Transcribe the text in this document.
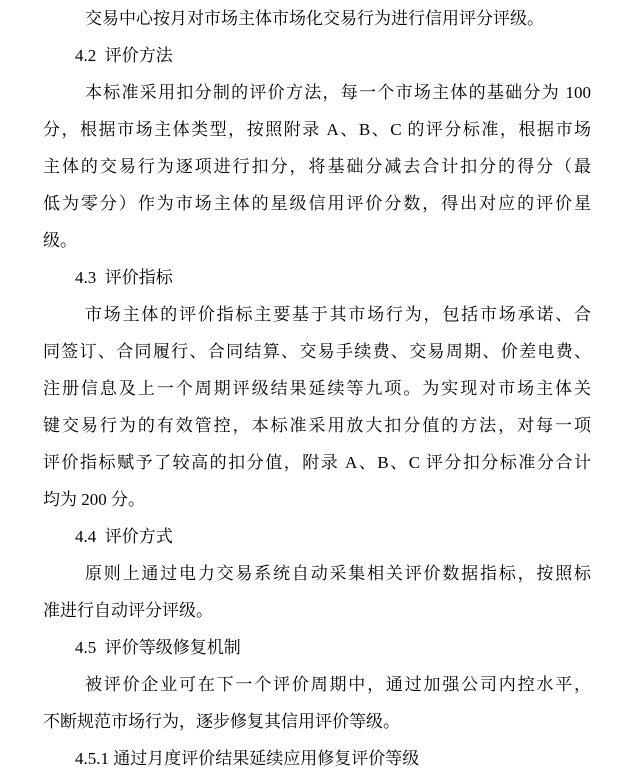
交易中心按月对市场主体市场化交易行为进行信用评分评级。
4.2  评价方法
本标准采用扣分制的评价方法，每一个市场主体的基础分为 100
分，根据市场主体类型，按照附录 A、B、C 的评分标准，根据市场
主体的交易行为逐项进行扣分，将基础分减去合计扣分的得分（最
低为零分）作为市场主体的星级信用评价分数，得出对应的评价星
级。
4.3  评价指标
市场主体的评价指标主要基于其市场行为，包括市场承诺、合
同签订、合同履行、合同结算、交易手续费、交易周期、价差电费、
注册信息及上一个周期评级结果延续等九项。为实现对市场主体关
键交易行为的有效管控，本标准采用放大扣分值的方法，对每一项
评价指标赋予了较高的扣分值，附录 A、B、C 评分扣分标准分合计
均为 200 分。
4.4  评价方式
原则上通过电力交易系统自动采集相关评价数据指标，按照标
准进行自动评分评级。
4.5  评价等级修复机制
被评价企业可在下一个评价周期中，通过加强公司内控水平，
不断规范市场行为，逐步修复其信用评价等级。
4.5.1 通过月度评价结果延续应用修复评价等级
